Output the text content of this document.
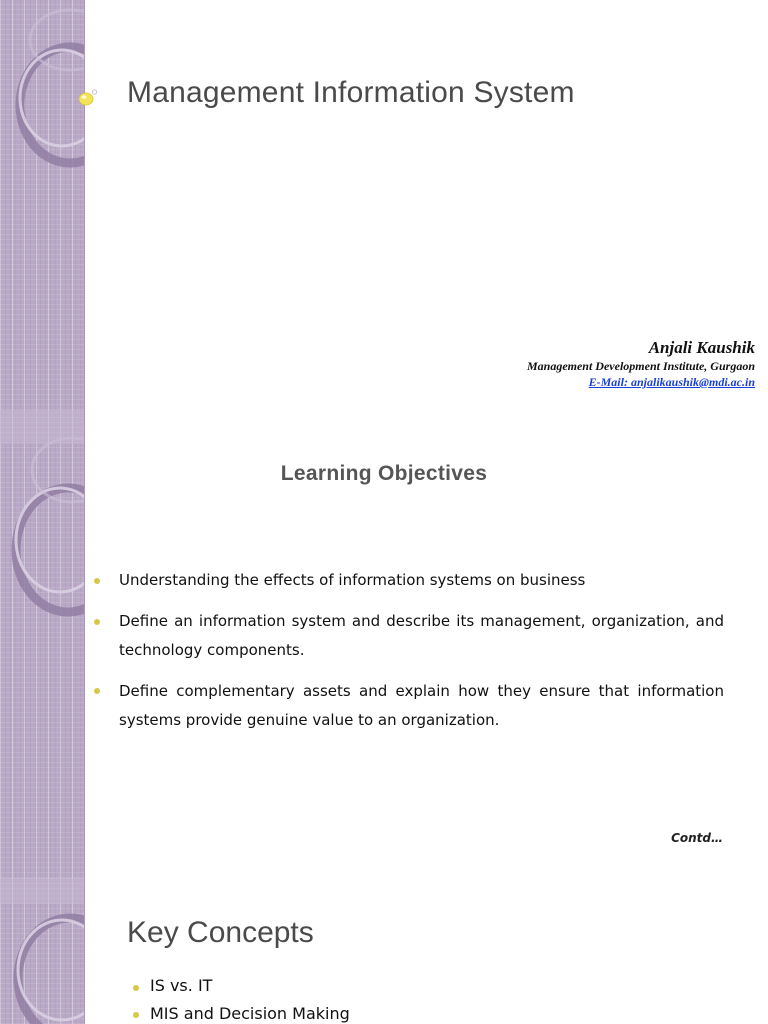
Management Information System
Anjali Kaushik
Management Development Institute, Gurgaon
E-Mail: anjalikaushik@mdi.ac.in
Learning Objectives
Understanding the effects of information systems on business
Define an information system and describe its management, organization, and technology components.
Define complementary assets and explain how they ensure that information systems provide genuine value to an organization.
Contd…
Key Concepts
IS vs. IT
MIS and Decision Making
